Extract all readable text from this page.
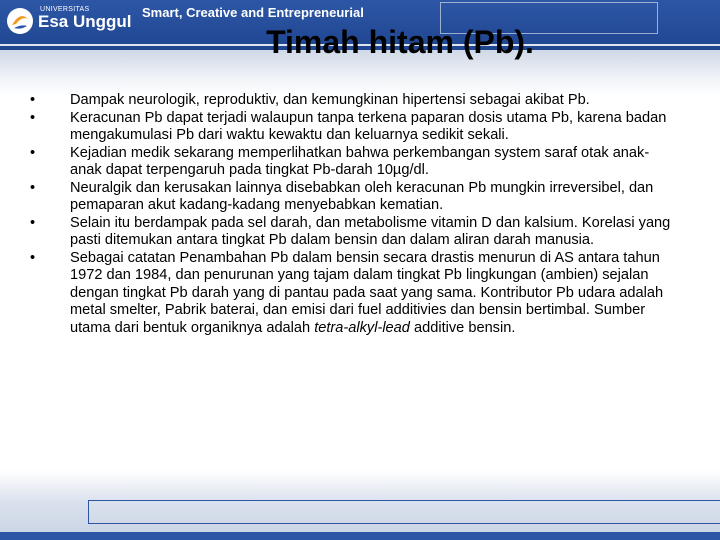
UNIVERSITAS
Esa Unggul Smart, Creative and Entrepreneurial
Timah hitam (Pb).
•	Dampak neurologik, reproduktiv, dan kemungkinan hipertensi sebagai akibat Pb.
•	Keracunan Pb dapat terjadi walaupun tanpa terkena paparan dosis utama Pb, karena badan mengakumulasi Pb dari waktu kewaktu dan keluarnya sedikit sekali.
•	Kejadian medik sekarang memperlihatkan bahwa perkembangan system saraf otak anak-anak dapat terpengaruh pada tingkat Pb-darah 10µg/dl.
•	Neuralgik dan kerusakan lainnya disebabkan oleh keracunan Pb mungkin irreversibel, dan pemaparan akut kadang-kadang menyebabkan kematian.
•	Selain itu berdampak pada sel darah, dan metabolisme vitamin D dan kalsium. Korelasi yang pasti ditemukan antara tingkat Pb dalam bensin dan dalam aliran darah manusia.
•	Sebagai catatan Penambahan Pb dalam bensin secara drastis menurun di AS antara tahun 1972 dan 1984, dan penurunan yang tajam dalam tingkat Pb lingkungan (ambien) sejalan dengan tingkat Pb darah yang di pantau pada saat yang sama. Kontributor Pb udara adalah metal smelter, Pabrik baterai, dan emisi dari fuel additivies dan bensin bertimbal. Sumber utama dari bentuk organiknya adalah tetra-alkyl-lead additive bensin.
